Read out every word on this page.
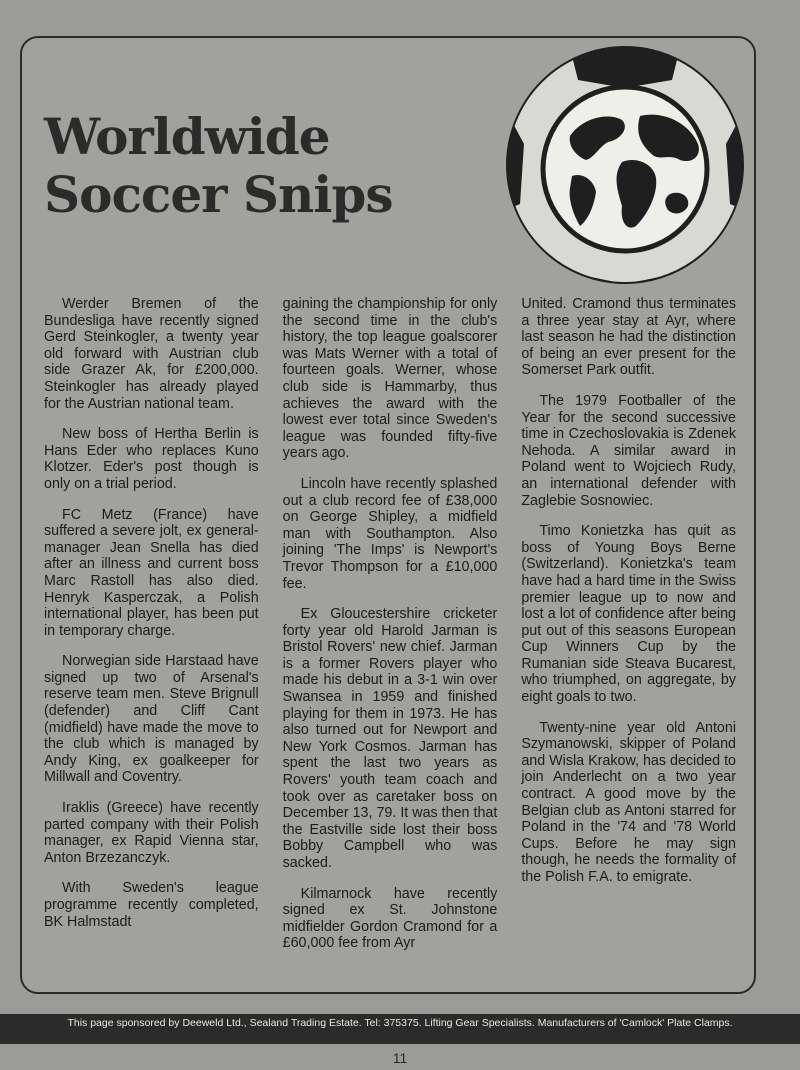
Worldwide
Soccer Snips

Werder Bremen of the Bundesliga have recently signed Gerd Steinkogler, a twenty year old forward with Austrian club side Grazer Ak, for £200,000. Steinkogler has already played for the Austrian national team.

New boss of Hertha Berlin is Hans Eder who replaces Kuno Klotzer. Eder's post though is only on a trial period.

FC Metz (France) have suffered a severe jolt, ex general-manager Jean Snella has died after an illness and current boss Marc Rastoll has also died. Henryk Kasperczak, a Polish international player, has been put in temporary charge.

Norwegian side Harstaad have signed up two of Arsenal's reserve team men. Steve Brignull (defender) and Cliff Cant (midfield) have made the move to the club which is managed by Andy King, ex goalkeeper for Millwall and Coventry.

Iraklis (Greece) have recently parted company with their Polish manager, ex Rapid Vienna star, Anton Brzezanczyk.

With Sweden's league programme recently completed, BK Halmstadt

gaining the championship for only the second time in the club's history, the top league goalscorer was Mats Werner with a total of fourteen goals. Werner, whose club side is Hammarby, thus achieves the award with the lowest ever total since Sweden's league was founded fifty-five years ago.

Lincoln have recently splashed out a club record fee of £38,000 on George Shipley, a midfield man with Southampton. Also joining 'The Imps' is Newport's Trevor Thompson for a £10,000 fee.

Ex Gloucestershire cricketer forty year old Harold Jarman is Bristol Rovers' new chief. Jarman is a former Rovers player who made his debut in a 3-1 win over Swansea in 1959 and finished playing for them in 1973. He has also turned out for Newport and New York Cosmos. Jarman has spent the last two years as Rovers' youth team coach and took over as caretaker boss on December 13, 79. It was then that the Eastville side lost their boss Bobby Campbell who was sacked.

Kilmarnock have recently signed ex St. Johnstone midfielder Gordon Cramond for a £60,000 fee from Ayr

United. Cramond thus terminates a three year stay at Ayr, where last season he had the distinction of being an ever present for the Somerset Park outfit.

The 1979 Footballer of the Year for the second successive time in Czechoslovakia is Zdenek Nehoda. A similar award in Poland went to Wojciech Rudy, an international defender with Zaglebie Sosnowiec.

Timo Konietzka has quit as boss of Young Boys Berne (Switzerland). Konietzka's team have had a hard time in the Swiss premier league up to now and lost a lot of confidence after being put out of this seasons European Cup Winners Cup by the Rumanian side Steava Bucarest, who triumphed, on aggregate, by eight goals to two.

Twenty-nine year old Antoni Szymanowski, skipper of Poland and Wisla Krakow, has decided to join Anderlecht on a two year contract. A good move by the Belgian club as Antoni starred for Poland in the '74 and '78 World Cups. Before he may sign though, he needs the formality of the Polish F.A. to emigrate.

This page sponsored by Deeweld Ltd., Sealand Trading Estate. Tel: 375375. Lifting Gear Specialists. Manufacturers of 'Camlock' Plate Clamps.
11
